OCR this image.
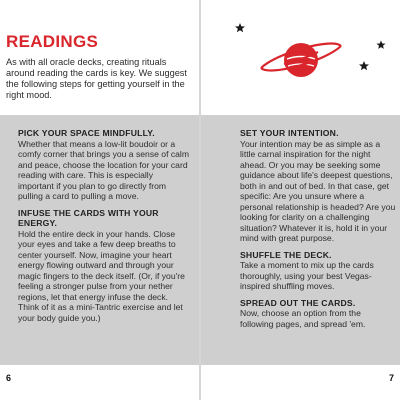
READINGS

As with all oracle decks, creating rituals around reading the cards is key. We suggest the following steps for getting yourself in the right mood.

PICK YOUR SPACE MINDFULLY.

Whether that means a low-lit boudoir or a comfy corner that brings you a sense of calm and peace, choose the location for your card reading with care. This is especially important if you plan to go directly from pulling a card to pulling a move.

INFUSE THE CARDS WITH YOUR ENERGY.

Hold the entire deck in your hands. Close your eyes and take a few deep breaths to center yourself. Now, imagine your heart energy flowing outward and through your magic fingers to the deck itself. (Or, if you're feeling a stronger pulse from your nether regions, let that energy infuse the deck. Think of it as a mini-Tantric exercise and let your body guide you.)

6

SET YOUR INTENTION.

Your intention may be as simple as a little carnal inspiration for the night ahead. Or you may be seeking some guidance about life's deepest questions, both in and out of bed. In that case, get specific: Are you unsure where a personal relationship is headed? Are you looking for clarity on a challenging situation? Whatever it is, hold it in your mind with great purpose.

SHUFFLE THE DECK.

Take a moment to mix up the cards thoroughly, using your best Vegas-inspired shuffling moves.

SPREAD OUT THE CARDS.

Now, choose an option from the following pages, and spread 'em.

7
